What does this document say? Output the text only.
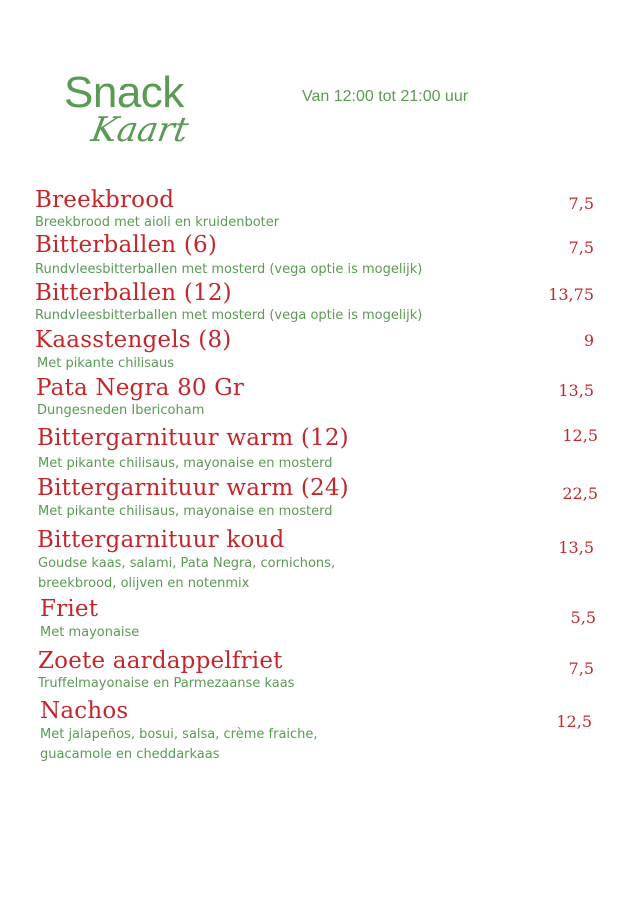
Snack
Kaart
Van 12:00 tot 21:00 uur
Breekbrood	7,5
Breekbrood met aioli en kruidenboter
Bitterballen (6)	7,5
Rundvleesbitterballen met mosterd (vega optie is mogelijk)
Bitterballen (12)	13,75
Rundvleesbitterballen met mosterd (vega optie is mogelijk)
Kaasstengels (8)	9
Met pikante chilisaus
Pata Negra 80 Gr	13,5
Dungesneden Ibericoham
Bittergarnituur warm (12)	12,5
Met pikante chilisaus, mayonaise en mosterd
Bittergarnituur warm (24)	22,5
Met pikante chilisaus, mayonaise en mosterd
Bittergarnituur koud	13,5
Goudse kaas, salami, Pata Negra, cornichons,
breekbrood, olijven en notenmix
Friet	5,5
Met mayonaise
Zoete aardappelfriet	7,5
Truffelmayonaise en Parmezaanse kaas
Nachos	12,5
Met jalapeños, bosui, salsa, crème fraiche,
guacamole en cheddarkaas
